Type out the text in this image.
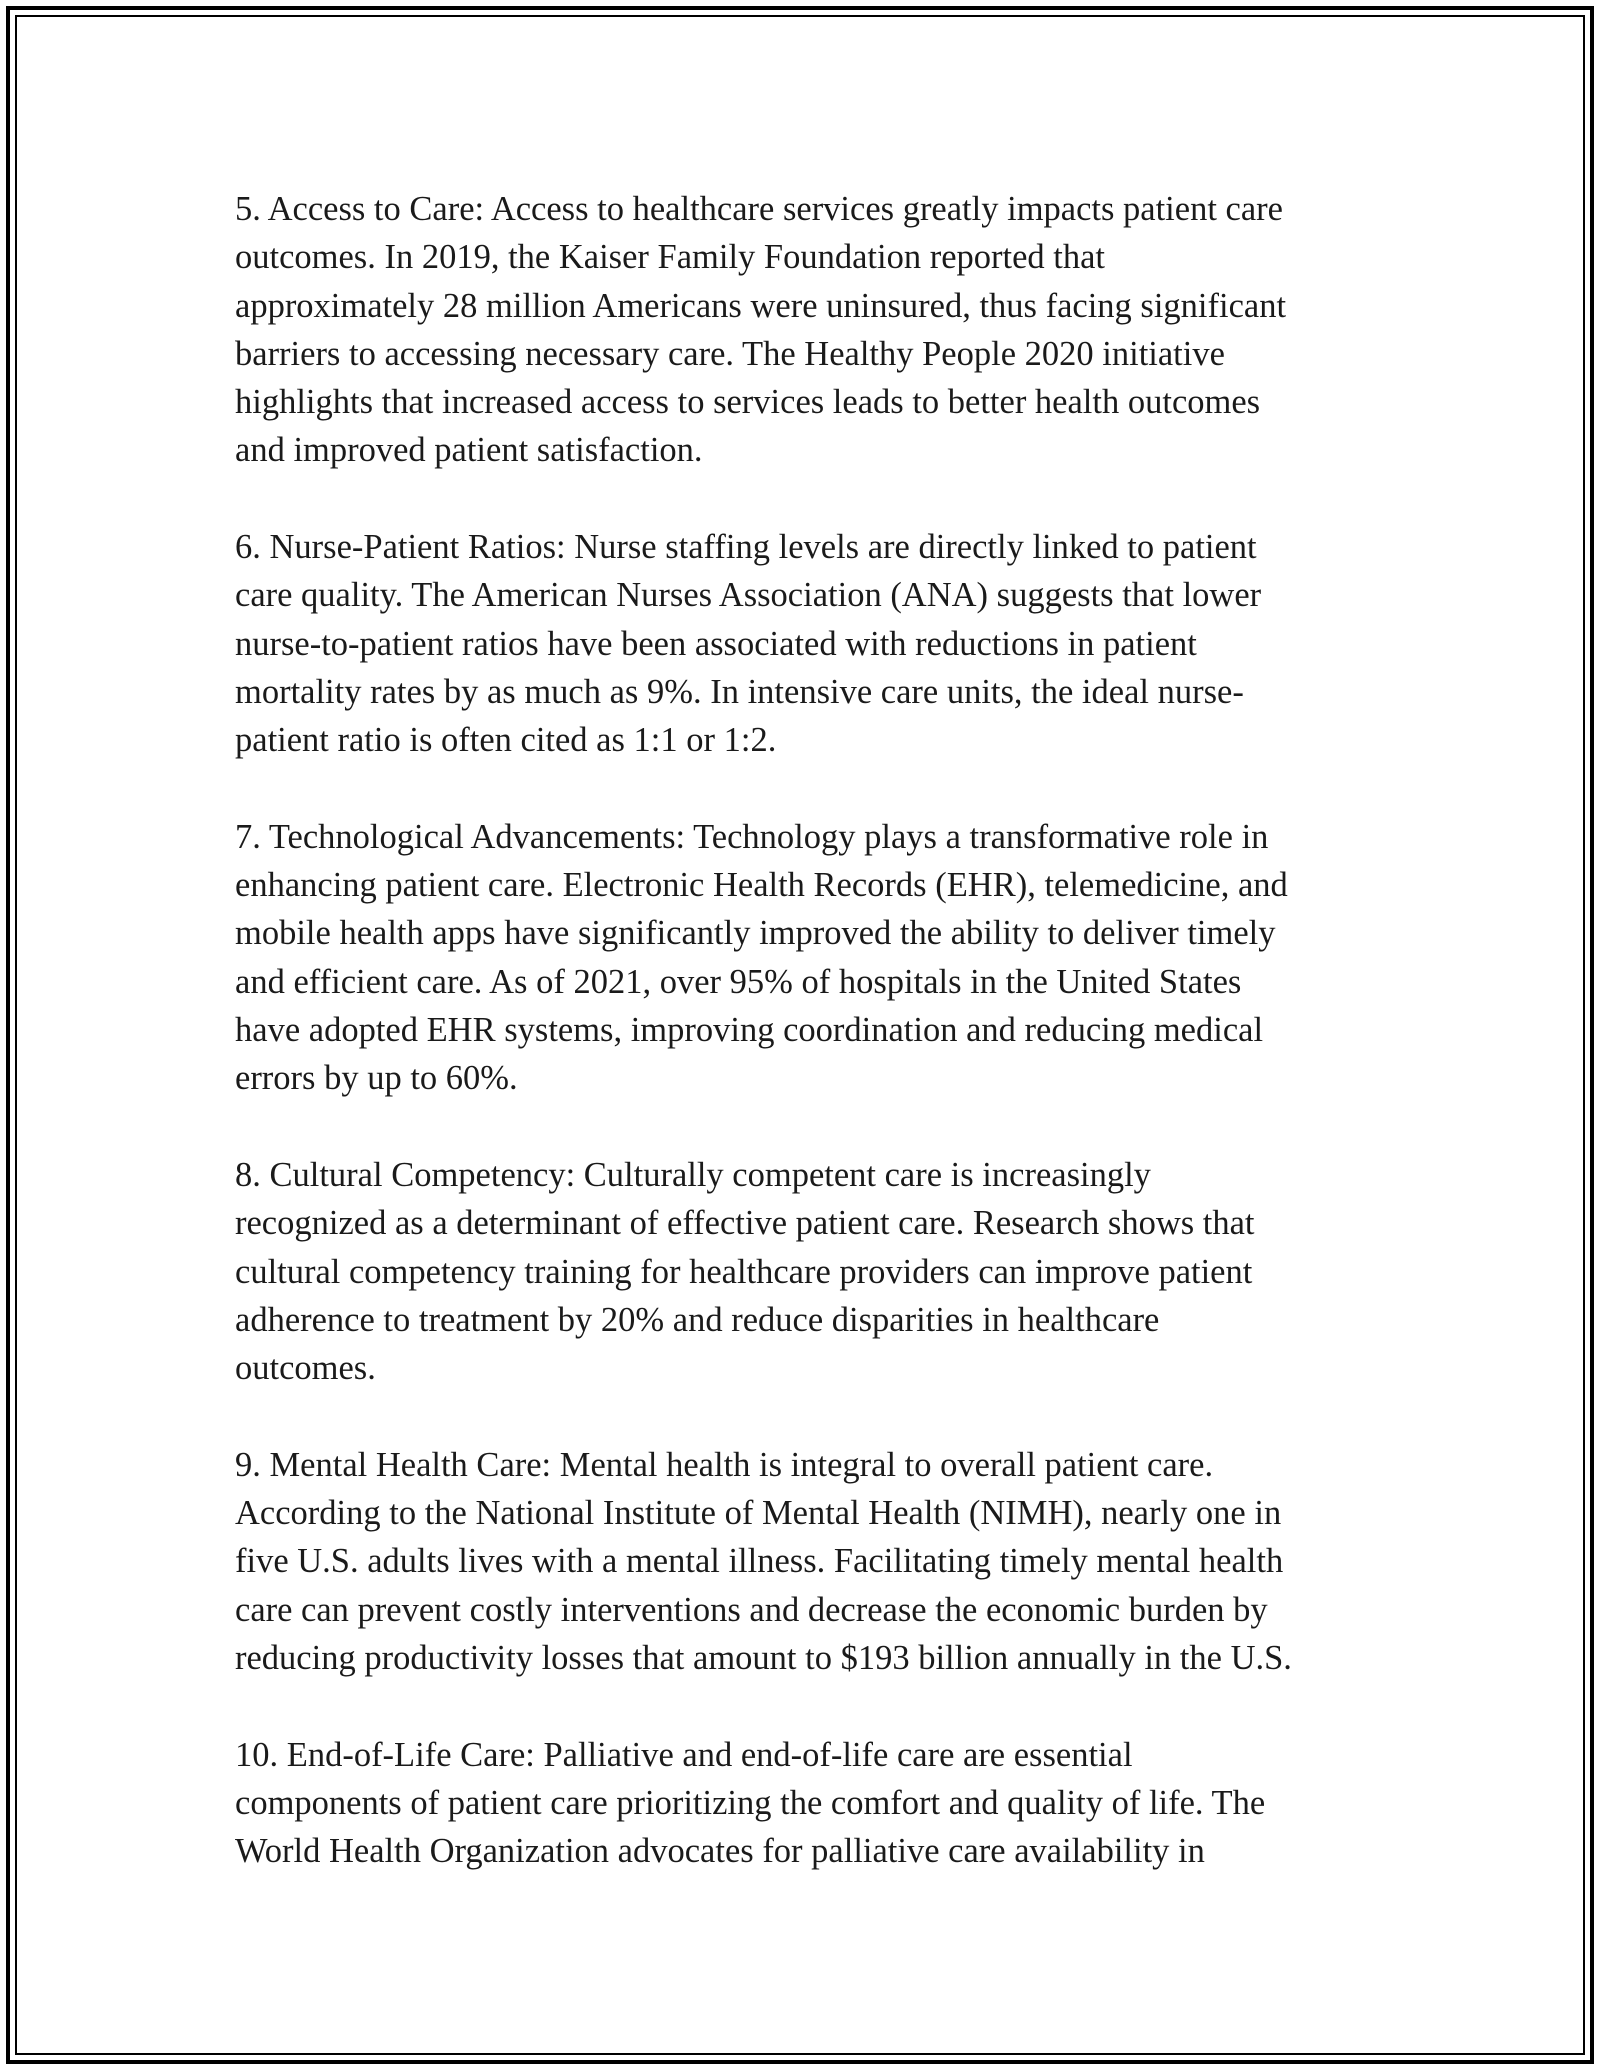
5. Access to Care: Access to healthcare services greatly impacts patient care
outcomes. In 2019, the Kaiser Family Foundation reported that
approximately 28 million Americans were uninsured, thus facing significant
barriers to accessing necessary care. The Healthy People 2020 initiative
highlights that increased access to services leads to better health outcomes
and improved patient satisfaction.

6. Nurse-Patient Ratios: Nurse staffing levels are directly linked to patient
care quality. The American Nurses Association (ANA) suggests that lower
nurse-to-patient ratios have been associated with reductions in patient
mortality rates by as much as 9%. In intensive care units, the ideal nurse-
patient ratio is often cited as 1:1 or 1:2.

7. Technological Advancements: Technology plays a transformative role in
enhancing patient care. Electronic Health Records (EHR), telemedicine, and
mobile health apps have significantly improved the ability to deliver timely
and efficient care. As of 2021, over 95% of hospitals in the United States
have adopted EHR systems, improving coordination and reducing medical
errors by up to 60%.

8. Cultural Competency: Culturally competent care is increasingly
recognized as a determinant of effective patient care. Research shows that
cultural competency training for healthcare providers can improve patient
adherence to treatment by 20% and reduce disparities in healthcare
outcomes.

9. Mental Health Care: Mental health is integral to overall patient care.
According to the National Institute of Mental Health (NIMH), nearly one in
five U.S. adults lives with a mental illness. Facilitating timely mental health
care can prevent costly interventions and decrease the economic burden by
reducing productivity losses that amount to $193 billion annually in the U.S.

10. End-of-Life Care: Palliative and end-of-life care are essential
components of patient care prioritizing the comfort and quality of life. The
World Health Organization advocates for palliative care availability in
